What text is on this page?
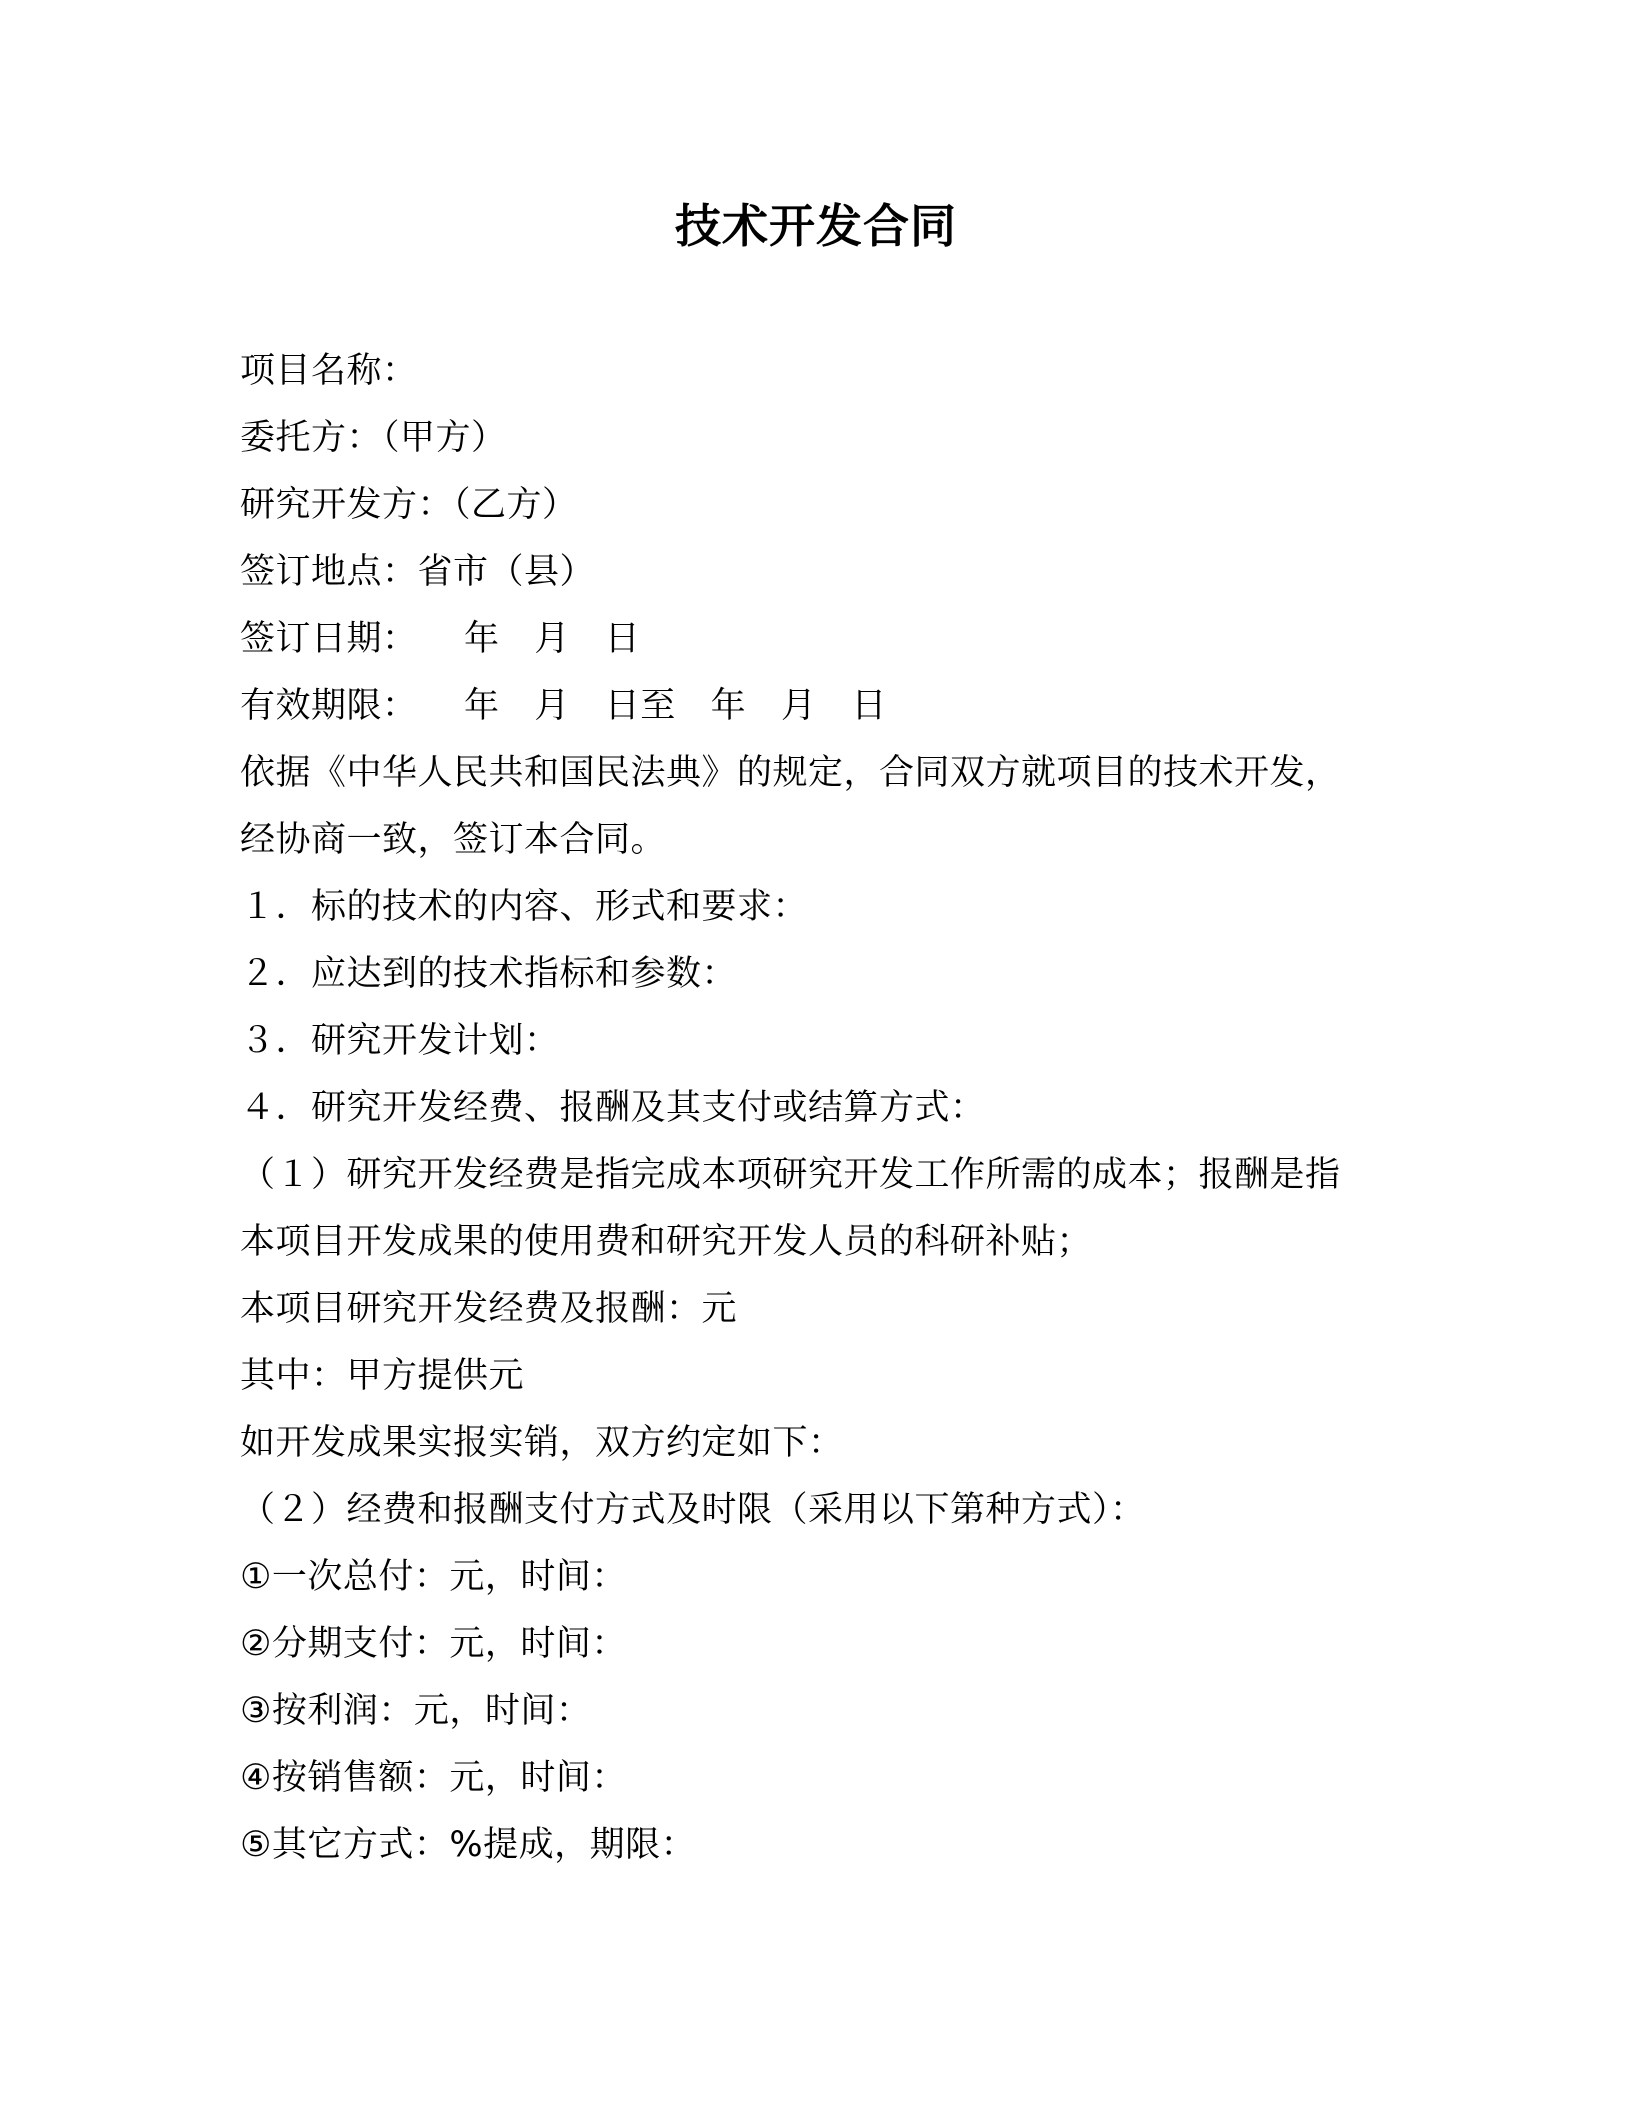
技术开发合同
项目名称：
委托方：（甲方）
研究开发方：（乙方）
签订地点：省市（县）
签订日期：    年   月   日
有效期限：    年   月   日至   年   月   日
依据《中华人民共和国民法典》的规定，合同双方就项目的技术开发，
经协商一致，签订本合同。
１．标的技术的内容、形式和要求：
２．应达到的技术指标和参数：
３．研究开发计划：
４．研究开发经费、报酬及其支付或结算方式：
（１）研究开发经费是指完成本项研究开发工作所需的成本；报酬是指
本项目开发成果的使用费和研究开发人员的科研补贴；
本项目研究开发经费及报酬：元
其中：甲方提供元
如开发成果实报实销，双方约定如下：
（２）经费和报酬支付方式及时限（采用以下第种方式）：
①一次总付：元，时间：
②分期支付：元，时间：
③按利润：元，时间：
④按销售额：元，时间：
⑤其它方式：%提成，期限：
